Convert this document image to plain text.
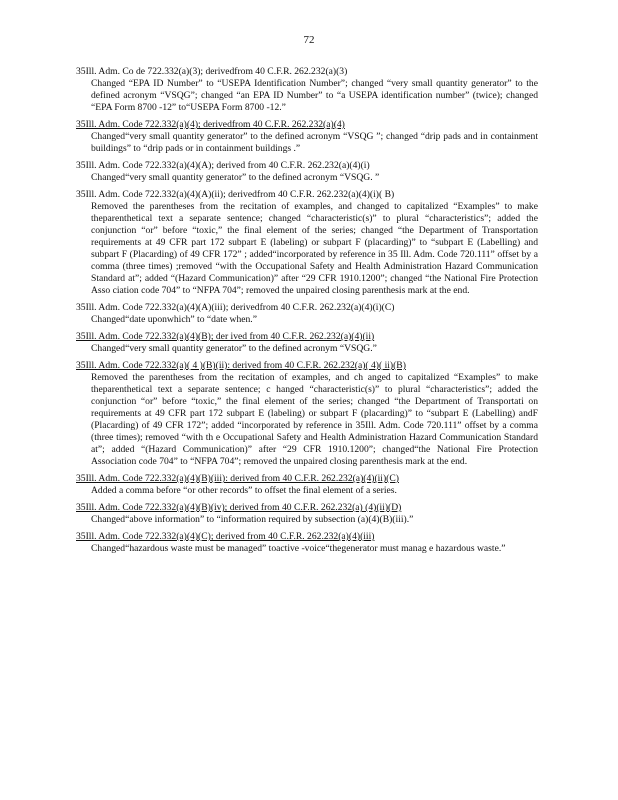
72
35Ill. Adm. Co de 722.332(a)(3); derivedfrom 40 C.F.R. 262.232(a)(3)
Changed “EPA ID Number” to “USEPA Identification Number”; changed “very small quantity generator” to the defined acronym “VSQG”; changed “an EPA ID Number” to “a USEPA identification number” (twice); changed “EPA Form 8700 -12” to“USEPA Form 8700 -12.”
35Ill. Adm. Code 722.332(a)(4); derivedfrom 40 C.F.R. 262.232(a)(4)
Changed“very small quantity generator” to the defined acronym “VSQG ”; changed “drip pads and in containment buildings” to “drip pads or in containment buildings .”
35Ill. Adm. Code 722.332(a)(4)(A); derived from 40 C.F.R. 262.232(a)(4)(i)
Changed“very small quantity generator” to the defined acronym “VSQG. ”
35Ill. Adm. Code 722.332(a)(4)(A)(ii); derivedfrom 40 C.F.R. 262.232(a)(4)(i)( B)
Removed the parentheses from the recitation of examples, and changed to capitalized “Examples” to make theparenthetical text a separate sentence; changed “characteristic(s)” to plural “characteristics”; added the conjunction “or” before “toxic,” the final element of the series; changed “the Department of Transportation requirements at 49 CFR part 172 subpart E (labeling) or subpart F (placarding)” to “subpart E (Labelling) and subpart F (Placarding) of 49 CFR 172” ; added“incorporated by reference in 35 Ill. Adm. Code 720.111” offset by a comma (three times) ;removed “with the Occupational Safety and Health Administration Hazard Communication Standard at”; added “(Hazard Communication)” after “29 CFR 1910.1200”; changed “the National Fire Protection Asso ciation code 704” to “NFPA 704”; removed the unpaired closing parenthesis mark at the end.
35Ill. Adm. Code 722.332(a)(4)(A)(iii); derivedfrom 40 C.F.R. 262.232(a)(4)(i)(C)
Changed“date uponwhich” to “date when.”
35Ill. Adm. Code 722.332(a)(4)(B); der ived from 40 C.F.R. 262.232(a)(4)(ii)
Changed“very small quantity generator” to the defined acronym “VSQG.”
35Ill. Adm. Code 722.332(a)( 4 )(B)(ii): derived from 40 C.F.R. 262.232(a)( 4)( ii)(B)
Removed the parentheses from the recitation of examples, and ch anged to capitalized “Examples” to make theparenthetical text a separate sentence; c hanged “characteristic(s)” to plural “characteristics”; added the conjunction “or” before “toxic,” the final element of the series; changed “the Department of Transportati on requirements at 49 CFR part 172 subpart E (labeling) or subpart F (placarding)” to “subpart E (Labelling) andF (Placarding) of 49 CFR 172”; added “incorporated by reference in 35Ill. Adm. Code 720.111” offset by a comma (three times); removed “with th e Occupational Safety and Health Administration Hazard Communication Standard at”; added “(Hazard Communication)” after “29 CFR 1910.1200”; changed“the National Fire Protection Association code 704” to “NFPA 704”; removed the unpaired closing parenthesis mark at the end.
35Ill. Adm. Code 722.332(a)(4)(B)(iii): derived from 40 C.F.R. 262.232(a)(4)(ii)(C)
Added a comma before “or other records” to offset the final element of a series.
35Ill. Adm. Code 722.332(a)(4)(B)(iv); derived from 40 C.F.R. 262.232(a) (4)(ii)(D)
Changed“above information” to “information required by subsection (a)(4)(B)(iii).”
35Ill. Adm. Code 722.332(a)(4)(C); derived from 40 C.F.R. 262.232(a)(4)(iii)
Changed“hazardous waste must be managed” toactive -voice“thegenerator must manag e hazardous waste.”
